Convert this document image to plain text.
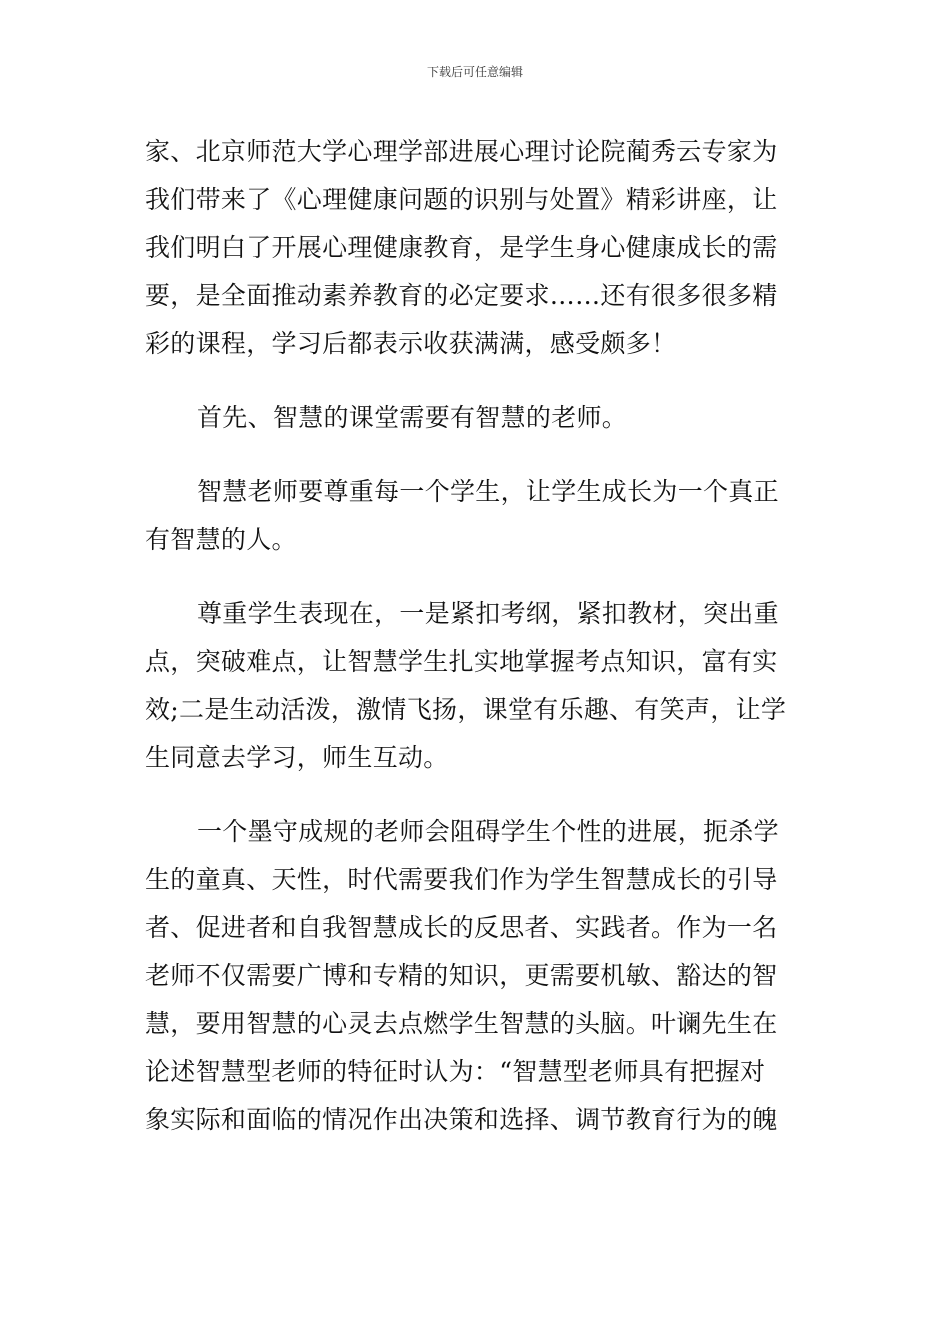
下载后可任意编辑
家、北京师范大学心理学部进展心理讨论院蔺秀云专家为
我们带来了《心理健康问题的识别与处置》精彩讲座，让
我们明白了开展心理健康教育，是学生身心健康成长的需
要，是全面推动素养教育的必定要求……还有很多很多精
彩的课程，学习后都表示收获满满，感受颇多！
首先、智慧的课堂需要有智慧的老师。
智慧老师要尊重每一个学生，让学生成长为一个真正
有智慧的人。
尊重学生表现在，一是紧扣考纲，紧扣教材，突出重
点，突破难点，让智慧学生扎实地掌握考点知识，富有实
效;二是生动活泼，激情飞扬，课堂有乐趣、有笑声，让学
生同意去学习，师生互动。
一个墨守成规的老师会阻碍学生个性的进展，扼杀学
生的童真、天性，时代需要我们作为学生智慧成长的引导
者、促进者和自我智慧成长的反思者、实践者。作为一名
老师不仅需要广博和专精的知识，更需要机敏、豁达的智
慧，要用智慧的心灵去点燃学生智慧的头脑。叶谰先生在
论述智慧型老师的特征时认为：“智慧型老师具有把握对
象实际和面临的情况作出决策和选择、调节教育行为的魄
